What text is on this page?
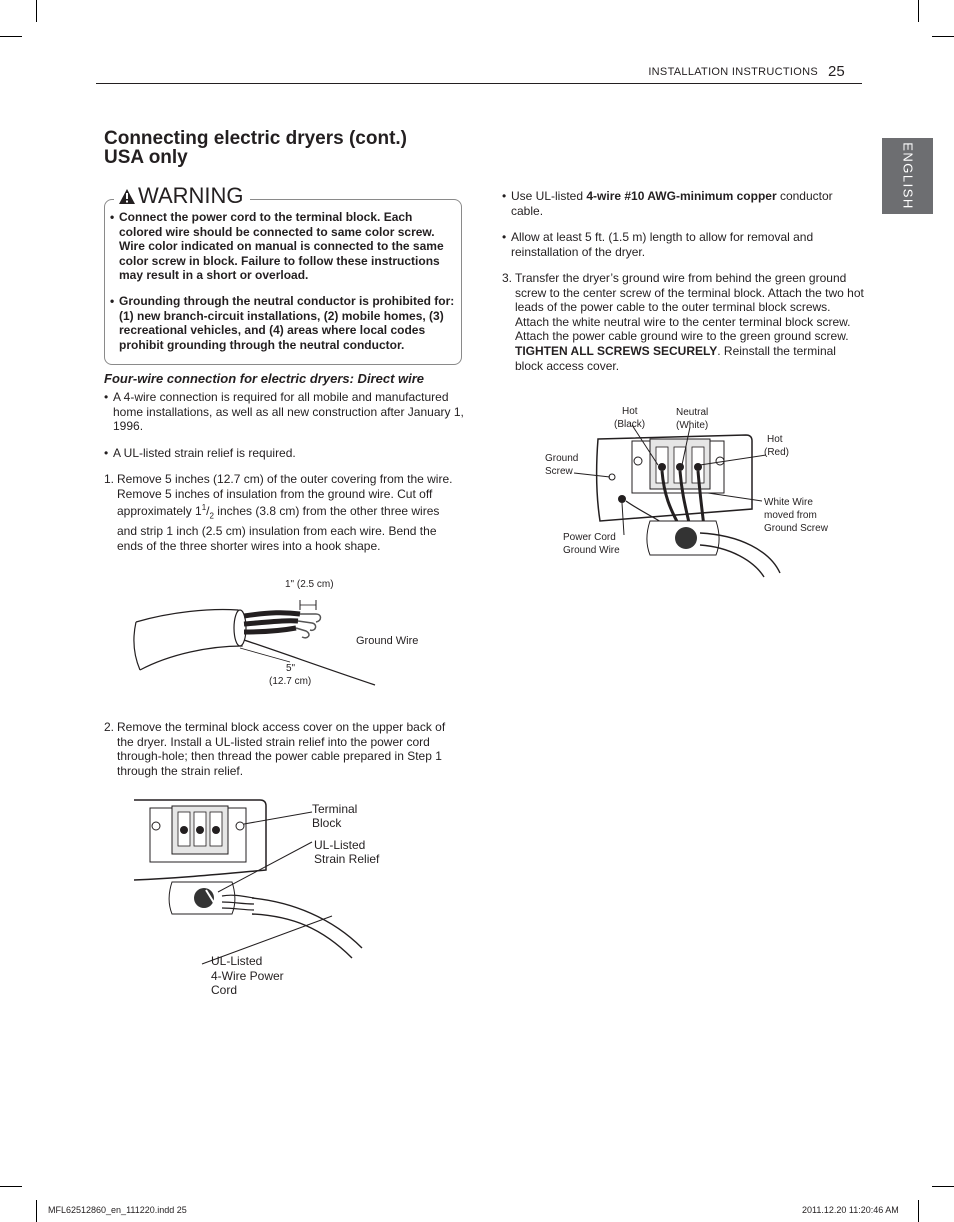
INSTALLATION INSTRUCTIONS 25
ENGLISH
Connecting electric dryers (cont.)
USA only
WARNING
• Connect the power cord to the terminal block. Each colored wire should be connected to same color screw. Wire color indicated on manual is connected to the same color screw in block. Failure to follow these instructions may result in a short or overload.
• Grounding through the neutral conductor is prohibited for: (1) new branch-circuit installations, (2) mobile homes, (3) recreational vehicles, and (4) areas where local codes prohibit grounding through the neutral conductor.
Four-wire connection for electric dryers: Direct wire
• A 4-wire connection is required for all mobile and manufactured home installations, as well as all new construction after January 1, 1996.
• A UL-listed strain relief is required.
1. Remove 5 inches (12.7 cm) of the outer covering from the wire. Remove 5 inches of insulation from the ground wire. Cut off approximately $1^1/_2$ inches (3.8 cm) from the other three wires and strip 1 inch (2.5 cm) insulation from each wire. Bend the ends of the three shorter wires into a hook shape.
2. Remove the terminal block access cover on the upper back of the dryer. Install a UL-listed strain relief into the power cord through-hole; then thread the power cable prepared in Step 1 through the strain relief.
• Use UL-listed 4-wire #10 AWG-minimum copper conductor cable.
• Allow at least 5 ft. (1.5 m) length to allow for removal and reinstallation of the dryer.
3. Transfer the dryer’s ground wire from behind the green ground screw to the center screw of the terminal block. Attach the two hot leads of the power cable to the outer terminal block screws. Attach the white neutral wire to the center terminal block screw. Attach the power cable ground wire to the green ground screw. TIGHTEN ALL SCREWS SECURELY. Reinstall the terminal block access cover.
1" (2.5 cm)
Ground Wire
5"
(12.7 cm)
Terminal
Block
UL-Listed
Strain Relief
UL-Listed
4-Wire Power
Cord
Hot
(Black)
Neutral
(White)
Hot
(Red)
Ground
Screw
White Wire
moved from
Ground Screw
Power Cord
Ground Wire
MFL62512860_en_111220.indd 25	2011.12.20 11:20:46 AM
